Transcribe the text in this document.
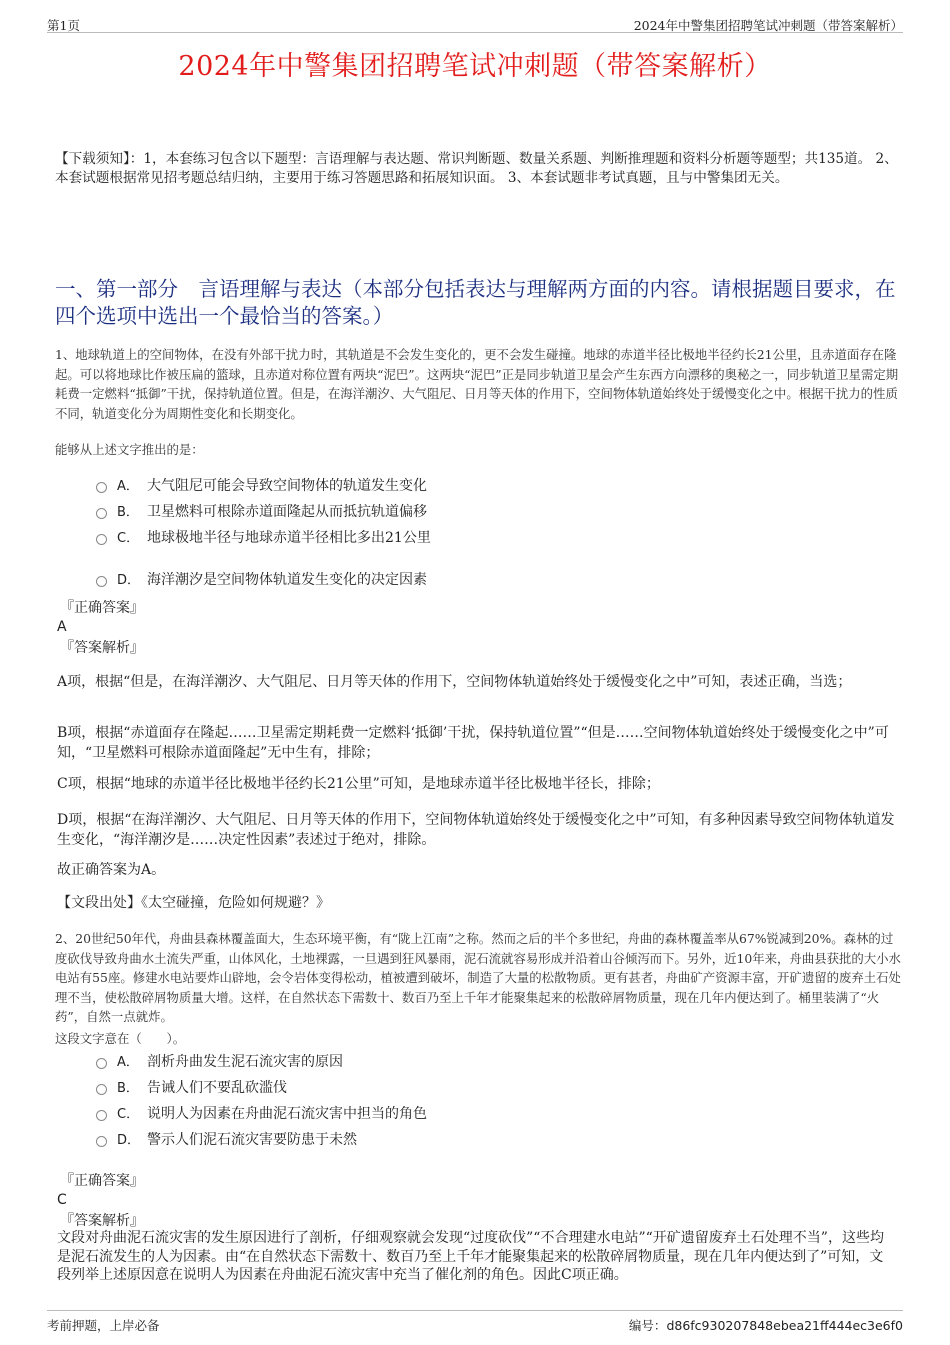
第1页	2024年中警集团招聘笔试冲刺题（带答案解析）
2024年中警集团招聘笔试冲刺题（带答案解析）
【下载须知】：1，本套练习包含以下题型：言语理解与表达题、常识判断题、数量关系题、判断推理题和资料分析题等题型；共135道。 2、本套试题根据常见招考题总结归纳，主要用于练习答题思路和拓展知识面。 3、本套试题非考试真题，且与中警集团无关。
一、第一部分　言语理解与表达（本部分包括表达与理解两方面的内容。请根据题目要求，在四个选项中选出一个最恰当的答案。）
1、地球轨道上的空间物体，在没有外部干扰力时，其轨道是不会发生变化的，更不会发生碰撞。地球的赤道半径比极地半径约长21公里，且赤道面存在隆起。可以将地球比作被压扁的篮球，且赤道对称位置有两块“泥巴”。这两块“泥巴”正是同步轨道卫星会产生东西方向漂移的奥秘之一，同步轨道卫星需定期耗费一定燃料“抵御”干扰，保持轨道位置。但是，在海洋潮汐、大气阻尼、日月等天体的作用下，空间物体轨道始终处于缓慢变化之中。根据干扰力的性质不同，轨道变化分为周期性变化和长期变化。
能够从上述文字推出的是：
A． 大气阻尼可能会导致空间物体的轨道发生变化
B． 卫星燃料可根除赤道面隆起从而抵抗轨道偏移
C． 地球极地半径与地球赤道半径相比多出21公里
D． 海洋潮汐是空间物体轨道发生变化的决定因素
『正确答案』
A
『答案解析』
A项，根据“但是，在海洋潮汐、大气阻尼、日月等天体的作用下，空间物体轨道始终处于缓慢变化之中”可知，表述正确，当选；
B项，根据“赤道面存在隆起……卫星需定期耗费一定燃料‘抵御’干扰，保持轨道位置”“但是……空间物体轨道始终处于缓慢变化之中”可知，“卫星燃料可根除赤道面隆起”无中生有，排除；
C项，根据“地球的赤道半径比极地半径约长21公里”可知，是地球赤道半径比极地半径长，排除；
D项，根据“在海洋潮汐、大气阻尼、日月等天体的作用下，空间物体轨道始终处于缓慢变化之中”可知，有多种因素导致空间物体轨道发生变化，“海洋潮汐是……决定性因素”表述过于绝对，排除。
故正确答案为A。
【文段出处】《太空碰撞，危险如何规避？》
2、20世纪50年代，舟曲县森林覆盖面大，生态环境平衡，有“陇上江南”之称。然而之后的半个多世纪，舟曲的森林覆盖率从67%锐减到20%。森林的过度砍伐导致舟曲水土流失严重，山体风化，土地裸露，一旦遇到狂风暴雨，泥石流就容易形成并沿着山谷倾泻而下。另外，近10年来，舟曲县获批的大小水电站有55座。修建水电站要炸山辟地，会令岩体变得松动，植被遭到破坏，制造了大量的松散物质。更有甚者，舟曲矿产资源丰富，开矿遗留的废弃土石处理不当，使松散碎屑物质量大增。这样，在自然状态下需数十、数百乃至上千年才能聚集起来的松散碎屑物质量，现在几年内便达到了。桶里装满了“火药”，自然一点就炸。
这段文字意在（　　）。
A． 剖析舟曲发生泥石流灾害的原因
B． 告诫人们不要乱砍滥伐
C． 说明人为因素在舟曲泥石流灾害中担当的角色
D． 警示人们泥石流灾害要防患于未然
『正确答案』
C
『答案解析』
文段对舟曲泥石流灾害的发生原因进行了剖析，仔细观察就会发现“过度砍伐”“不合理建水电站”“开矿遗留废弃土石处理不当”，这些均是泥石流发生的人为因素。由“在自然状态下需数十、数百乃至上千年才能聚集起来的松散碎屑物质量，现在几年内便达到了”可知，文段列举上述原因意在说明人为因素在舟曲泥石流灾害中充当了催化剂的角色。因此C项正确。
考前押题，上岸必备	编号：d86fc930207848ebea21ff444ec3e6f0
